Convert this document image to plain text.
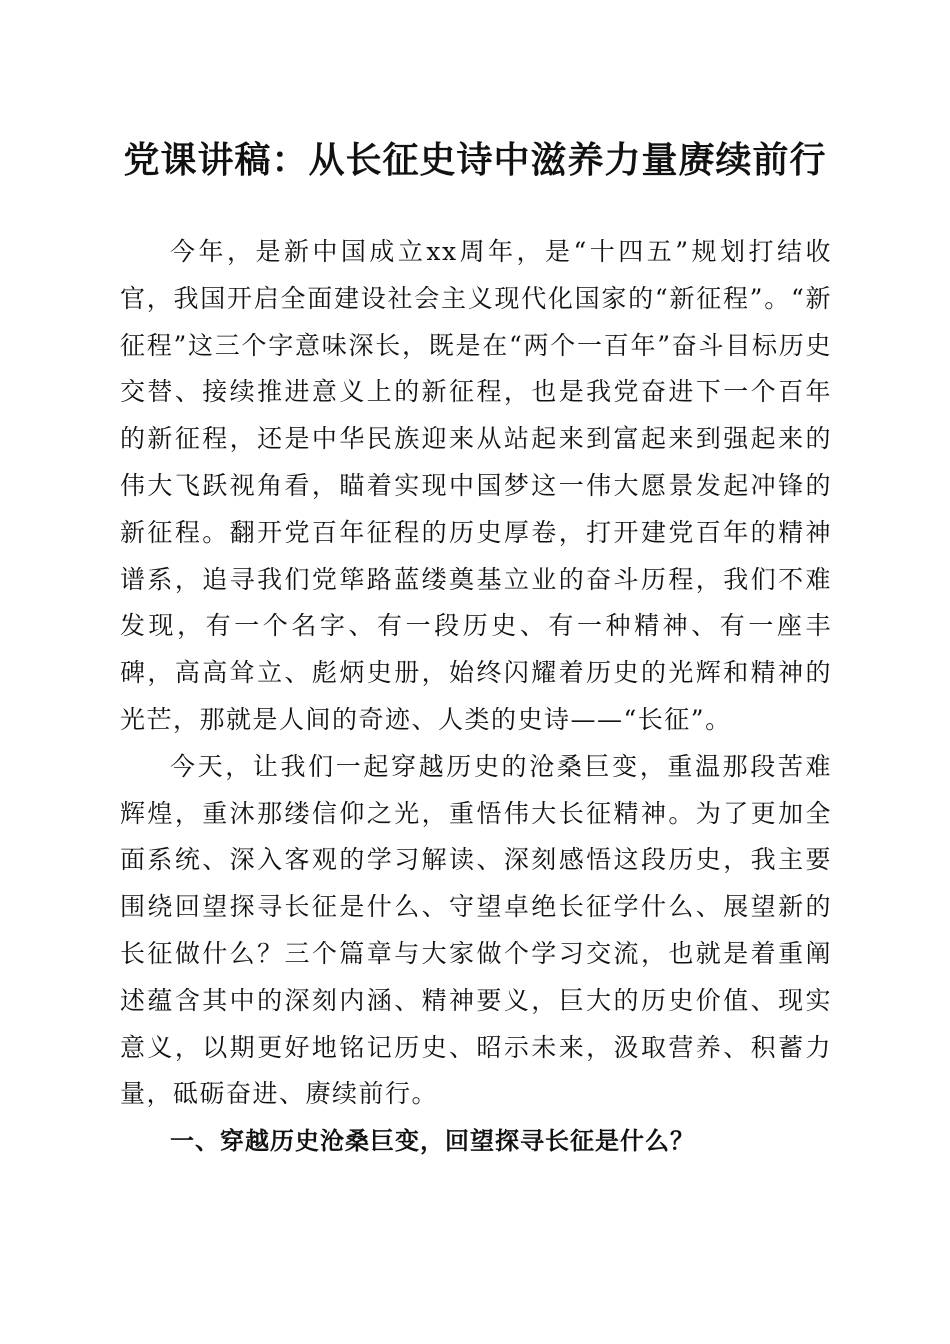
党课讲稿：从长征史诗中滋养力量赓续前行

今年，是新中国成立xx周年，是“十四五”规划打结收官，我国开启全面建设社会主义现代化国家的“新征程”。“新征程”这三个字意味深长，既是在“两个一百年”奋斗目标历史交替、接续推进意义上的新征程，也是我党奋进下一个百年的新征程，还是中华民族迎来从站起来到富起来到强起来的伟大飞跃视角看，瞄着实现中国梦这一伟大愿景发起冲锋的新征程。翻开党百年征程的历史厚卷，打开建党百年的精神谱系，追寻我们党筚路蓝缕奠基立业的奋斗历程，我们不难发现，有一个名字、有一段历史、有一种精神、有一座丰碑，高高耸立、彪炳史册，始终闪耀着历史的光辉和精神的光芒，那就是人间的奇迹、人类的史诗——“长征”。

今天，让我们一起穿越历史的沧桑巨变，重温那段苦难辉煌，重沐那缕信仰之光，重悟伟大长征精神。为了更加全面系统、深入客观的学习解读、深刻感悟这段历史，我主要围绕回望探寻长征是什么、守望卓绝长征学什么、展望新的长征做什么？三个篇章与大家做个学习交流，也就是着重阐述蕴含其中的深刻内涵、精神要义，巨大的历史价值、现实意义，以期更好地铭记历史、昭示未来，汲取营养、积蓄力量，砥砺奋进、赓续前行。

一、穿越历史沧桑巨变，回望探寻长征是什么？
